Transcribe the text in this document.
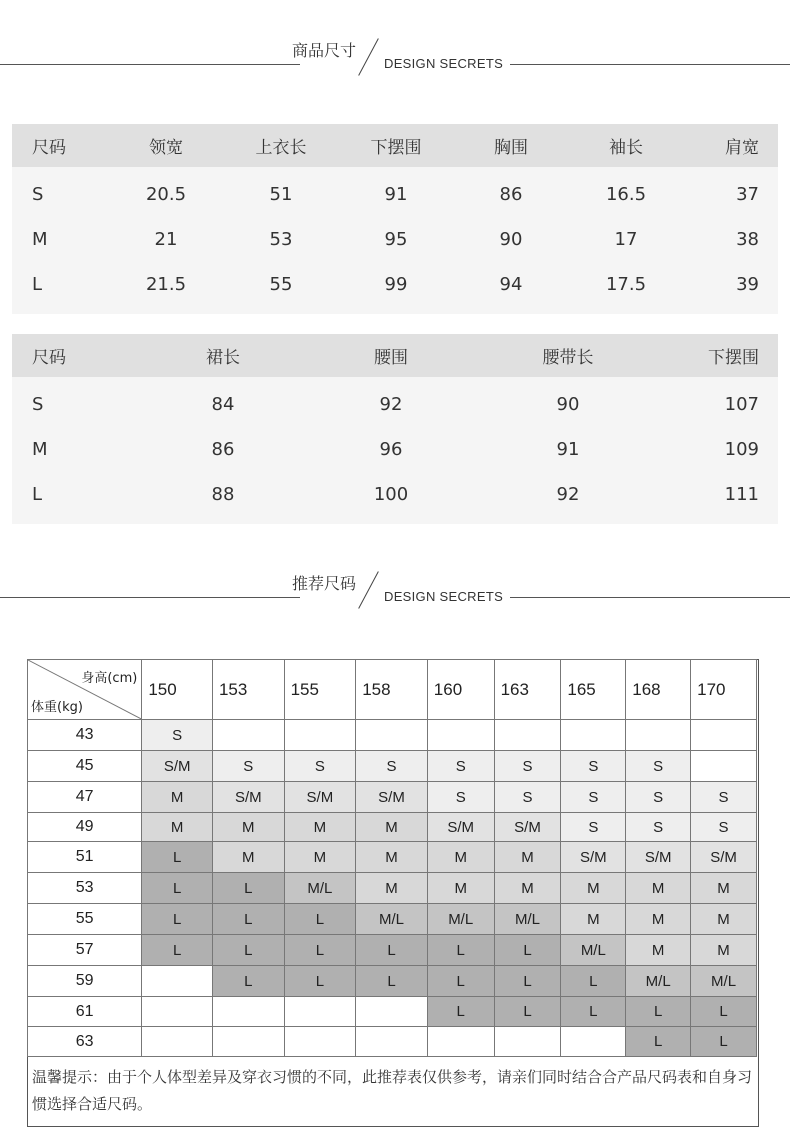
商品尺寸
DESIGN SECRETS
尺码	领宽	上衣长	下摆围	胸围	袖长	肩宽
S	20.5	51	91	86	16.5	37
M	21	53	95	90	17	38
L	21.5	55	99	94	17.5	39
尺码	裙长	腰围	腰带长	下摆围
S	84	92	90	107
M	86	96	91	109
L	88	100	92	111
推荐尺码
DESIGN SECRETS
身高(cm)
体重(kg)	150	153	155	158	160	163	165	168	170
43	S								
45	S/M	S	S	S	S	S	S	S	
47	M	S/M	S/M	S/M	S	S	S	S	S
49	M	M	M	M	S/M	S/M	S	S	S
51	L	M	M	M	M	M	S/M	S/M	S/M
53	L	L	M/L	M	M	M	M	M	M
55	L	L	L	M/L	M/L	M/L	M	M	M
57	L	L	L	L	L	L	M/L	M	M
59		L	L	L	L	L	L	M/L	M/L
61					L	L	L	L	L
63								L	L
温馨提示：由于个人体型差异及穿衣习惯的不同，此推荐表仅供参考，请亲们同时结合合产品尺码表和自身习惯选择合适尺码。
